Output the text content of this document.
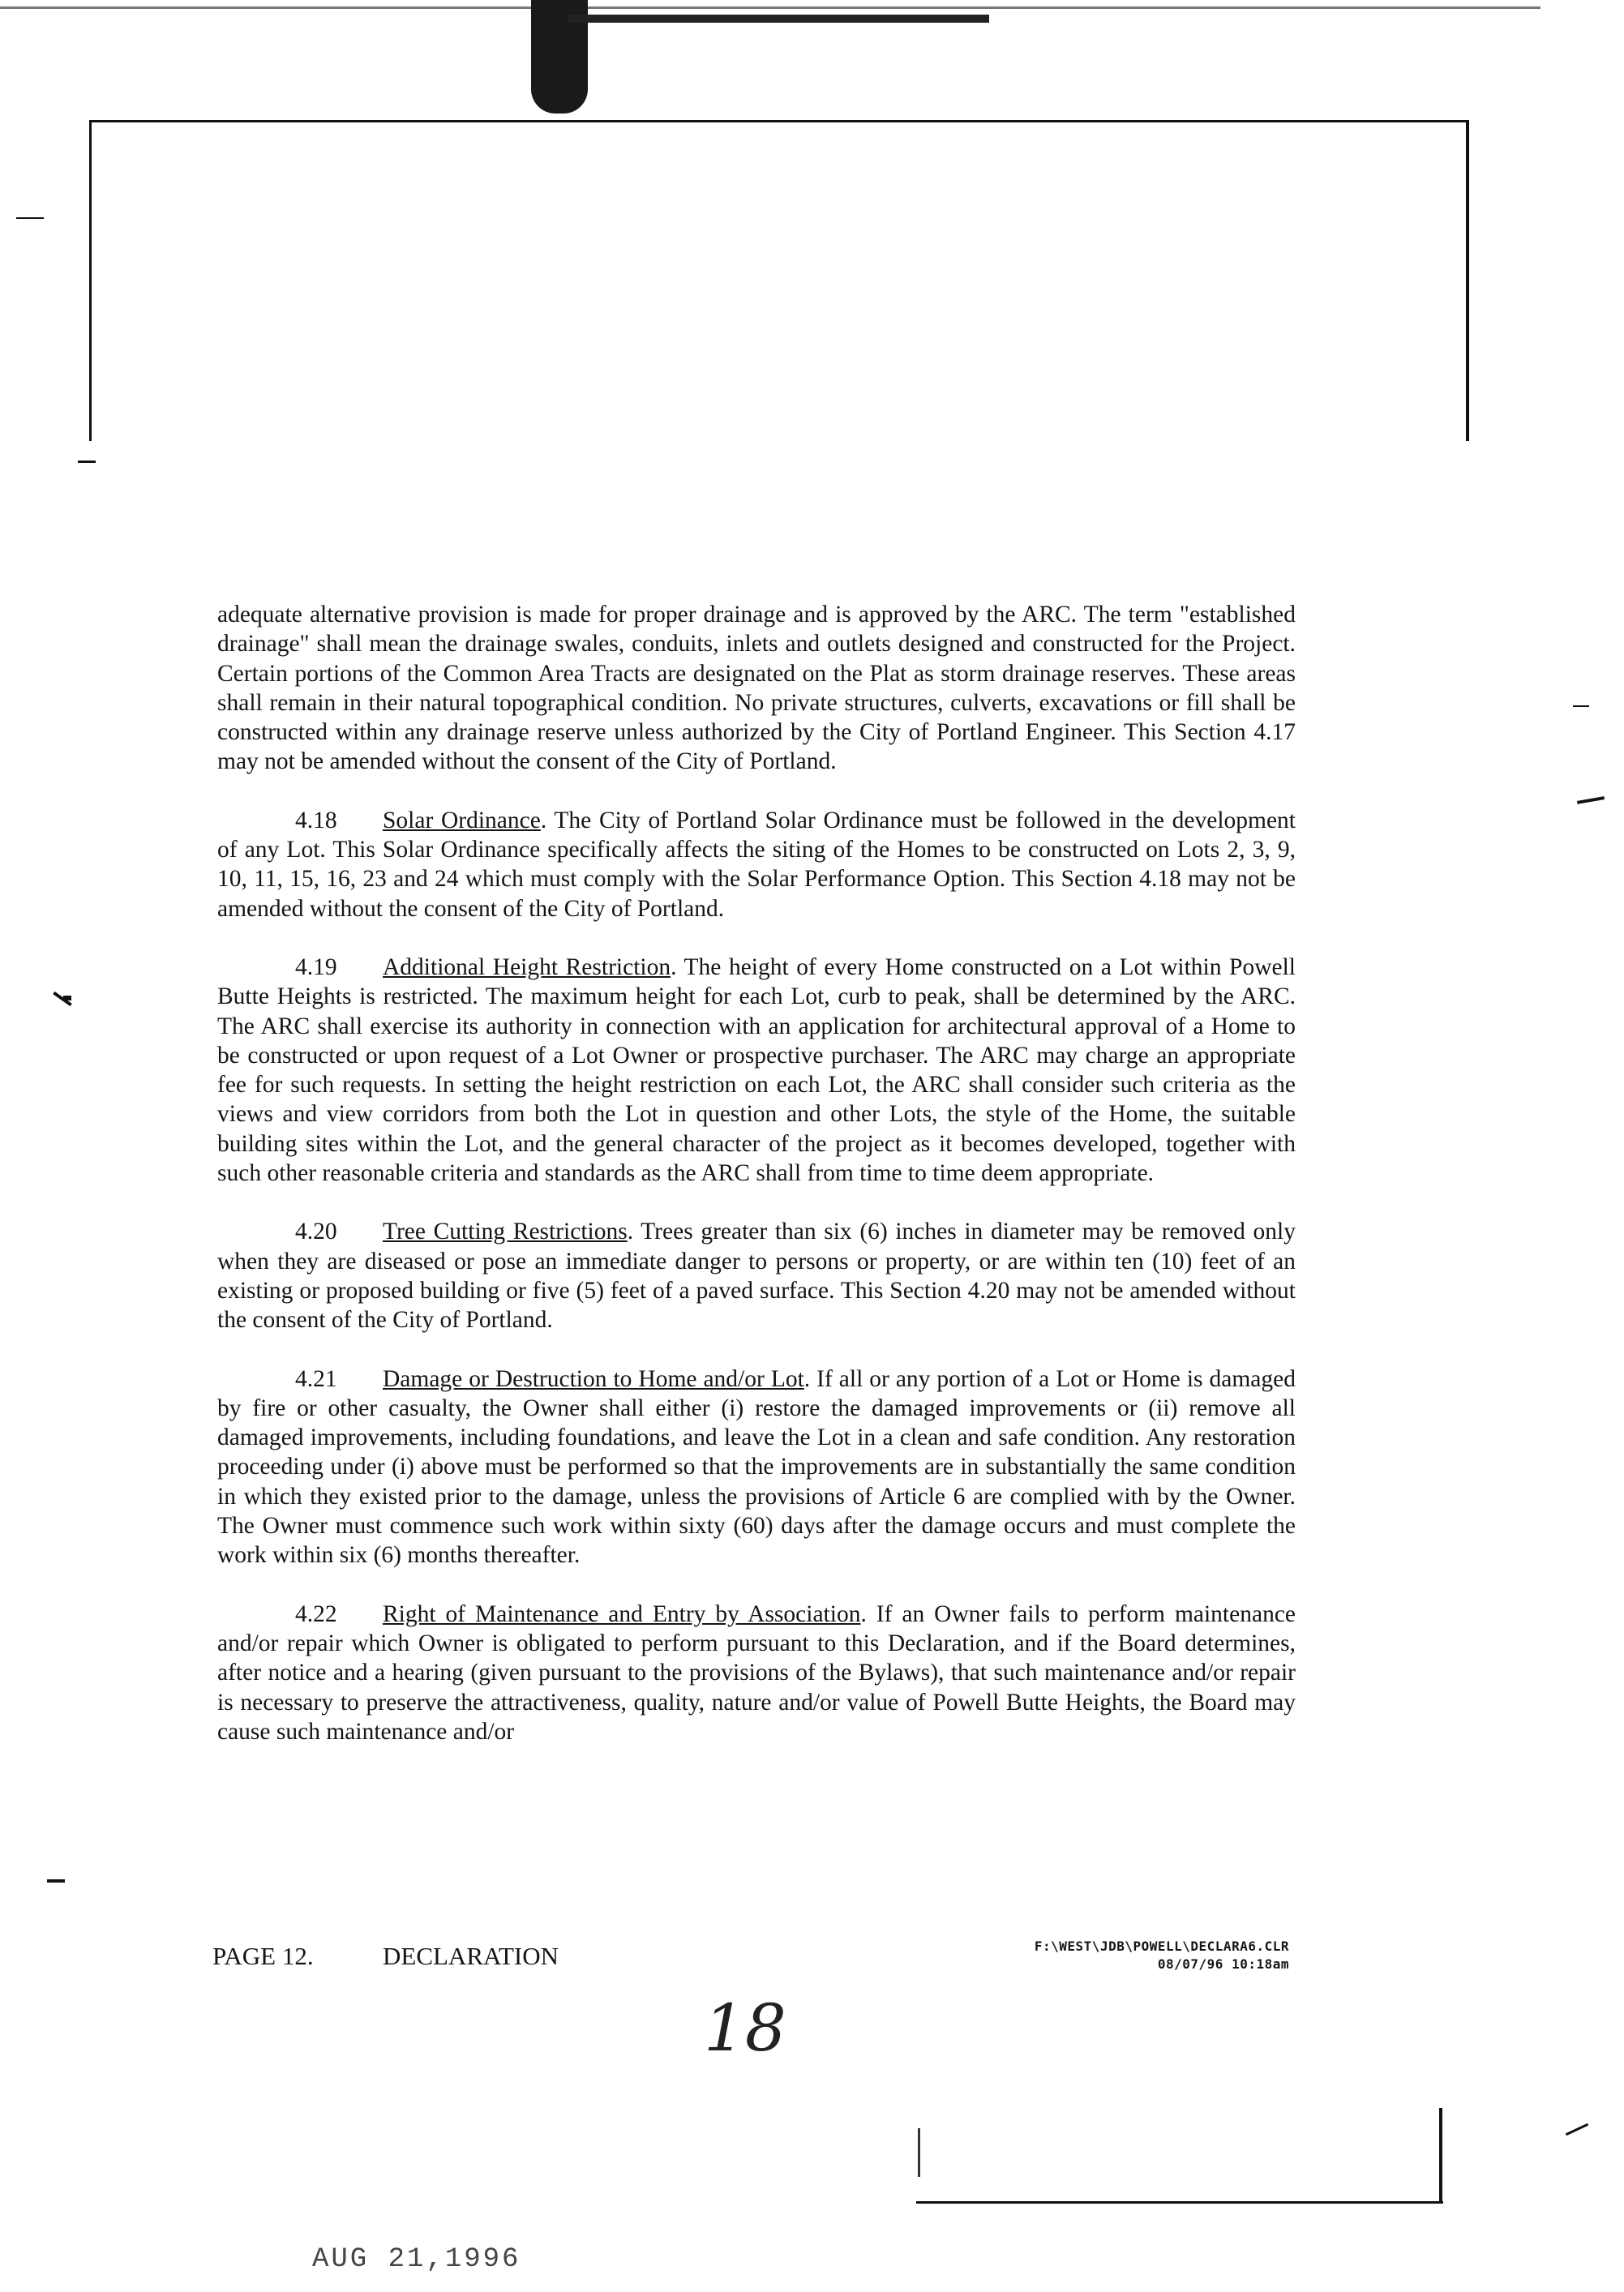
adequate alternative provision is made for proper drainage and is approved by the ARC. The term "established drainage" shall mean the drainage swales, conduits, inlets and outlets designed and constructed for the Project. Certain portions of the Common Area Tracts are designated on the Plat as storm drainage reserves. These areas shall remain in their natural topographical condition. No private structures, culverts, excavations or fill shall be constructed within any drainage reserve unless authorized by the City of Portland Engineer. This Section 4.17 may not be amended without the consent of the City of Portland.

4.18 Solar Ordinance. The City of Portland Solar Ordinance must be followed in the development of any Lot. This Solar Ordinance specifically affects the siting of the Homes to be constructed on Lots 2, 3, 9, 10, 11, 15, 16, 23 and 24 which must comply with the Solar Performance Option. This Section 4.18 may not be amended without the consent of the City of Portland.

4.19 Additional Height Restriction. The height of every Home constructed on a Lot within Powell Butte Heights is restricted. The maximum height for each Lot, curb to peak, shall be determined by the ARC. The ARC shall exercise its authority in connection with an application for architectural approval of a Home to be constructed or upon request of a Lot Owner or prospective purchaser. The ARC may charge an appropriate fee for such requests. In setting the height restriction on each Lot, the ARC shall consider such criteria as the views and view corridors from both the Lot in question and other Lots, the style of the Home, the suitable building sites within the Lot, and the general character of the project as it becomes developed, together with such other reasonable criteria and standards as the ARC shall from time to time deem appropriate.

4.20 Tree Cutting Restrictions. Trees greater than six (6) inches in diameter may be removed only when they are diseased or pose an immediate danger to persons or property, or are within ten (10) feet of an existing or proposed building or five (5) feet of a paved surface. This Section 4.20 may not be amended without the consent of the City of Portland.

4.21 Damage or Destruction to Home and/or Lot. If all or any portion of a Lot or Home is damaged by fire or other casualty, the Owner shall either (i) restore the damaged improvements or (ii) remove all damaged improvements, including foundations, and leave the Lot in a clean and safe condition. Any restoration proceeding under (i) above must be performed so that the improvements are in substantially the same condition in which they existed prior to the damage, unless the provisions of Article 6 are complied with by the Owner. The Owner must commence such work within sixty (60) days after the damage occurs and must complete the work within six (6) months thereafter.

4.22 Right of Maintenance and Entry by Association. If an Owner fails to perform maintenance and/or repair which Owner is obligated to perform pursuant to this Declaration, and if the Board determines, after notice and a hearing (given pursuant to the provisions of the Bylaws), that such maintenance and/or repair is necessary to preserve the attractiveness, quality, nature and/or value of Powell Butte Heights, the Board may cause such maintenance and/or

PAGE 12.	DECLARATION	F:\WEST\JDB\POWELL\DECLARA6.CLR
08/07/96 10:18am
18
AUG 21,1996
